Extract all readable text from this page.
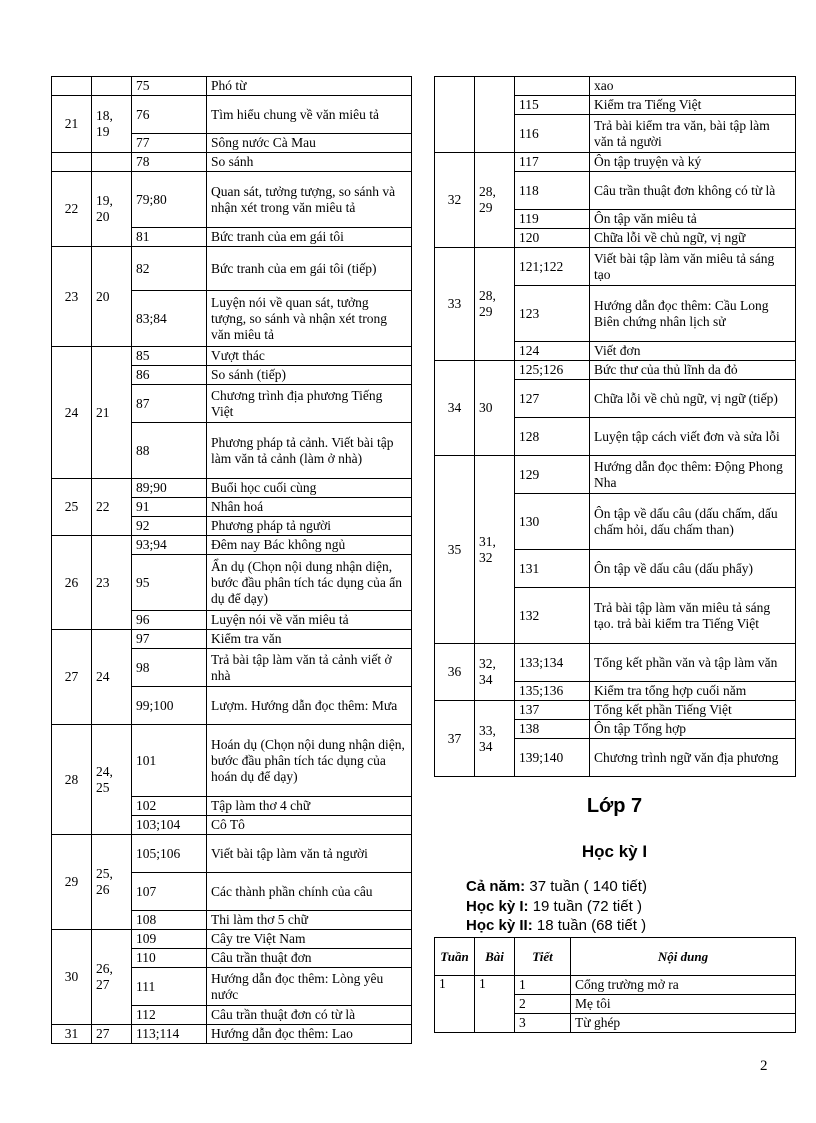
		75	Phó từ
21	18, 19	76	Tìm hiểu chung về văn miêu tả
		77	Sông nước Cà Mau
		78	So sánh
22	19, 20	79;80	Quan sát, tưởng tượng, so sánh và nhận xét trong văn miêu tả
		81	Bức tranh của em gái tôi
23	20	82	Bức tranh của em gái tôi (tiếp)
		83;84	Luyện nói về quan sát, tưởng tượng, so sánh và nhận xét trong văn miêu tả
24	21	85	Vượt thác
		86	So sánh (tiếp)
		87	Chương trình địa phương Tiếng Việt
		88	Phương pháp tả cảnh. Viết bài tập làm văn tả cảnh (làm ở nhà)
25	22	89;90	Buổi học cuối cùng
		91	Nhân hoá
		92	Phương pháp tả người
26	23	93;94	Đêm nay Bác không ngủ
		95	Ẩn dụ (Chọn nội dung nhận diện, bước đầu phân tích tác dụng của ẩn dụ để dạy)
		96	Luyện nói về văn miêu tả
27	24	97	Kiểm tra văn
		98	Trả bài tập làm văn tả cảnh viết ở nhà
		99;100	Lượm. Hướng dẫn đọc thêm: Mưa
28	24, 25	101	Hoán dụ (Chọn nội dung nhận diện, bước đầu phân tích tác dụng của hoán dụ để dạy)
		102	Tập làm thơ 4 chữ
		103;104	Cô Tô
29	25, 26	105;106	Viết bài tập làm văn tả người
		107	Các thành phần chính của câu
		108	Thi làm thơ 5 chữ
30	26, 27	109	Cây tre Việt Nam
		110	Câu trần thuật đơn
		111	Hướng dẫn đọc thêm: Lòng yêu nước
		112	Câu trần thuật đơn có từ là
31	27	113;114	Hướng dẫn đọc thêm: Lao
			xao
		115	Kiểm tra Tiếng Việt
		116	Trả bài kiểm tra văn, bài tập làm văn tả người
32	28, 29	117	Ôn tập truyện và ký
		118	Câu trần thuật đơn không có từ là
		119	Ôn tập văn miêu tả
		120	Chữa lỗi về chủ ngữ, vị ngữ
33	28, 29	121;122	Viết bài tập làm văn miêu tả sáng tạo
		123	Hướng dẫn đọc thêm: Cầu Long Biên chứng nhân lịch sử
		124	Viết đơn
34	30	125;126	Bức thư của thủ lĩnh da đỏ
		127	Chữa lỗi về chủ ngữ, vị ngữ (tiếp)
		128	Luyện tập cách viết đơn và sửa lỗi
35	31, 32	129	Hướng dẫn đọc thêm: Động Phong Nha
		130	Ôn tập về dấu câu (dấu chấm, dấu chấm hỏi, dấu chấm than)
		131	Ôn tập về dấu câu (dấu phẩy)
		132	Trả bài tập làm văn miêu tả sáng tạo. trả bài kiểm tra Tiếng Việt
36	32, 34	133;134	Tổng kết phần văn và tập làm văn
		135;136	Kiểm tra tổng hợp cuối năm
37	33, 34	137	Tổng kết phần Tiếng Việt
		138	Ôn tập Tổng hợp
		139;140	Chương trình ngữ văn địa phương
Lớp 7
Học kỳ I
Cả năm: 37 tuần ( 140 tiết)
Học kỳ I: 19 tuần (72 tiết )
Học kỳ II: 18 tuần (68 tiết )
Tuần	Bài	Tiết	Nội dung
1	1	1	Cổng trường mở ra
		2	Mẹ tôi
		3	Từ ghép
2
